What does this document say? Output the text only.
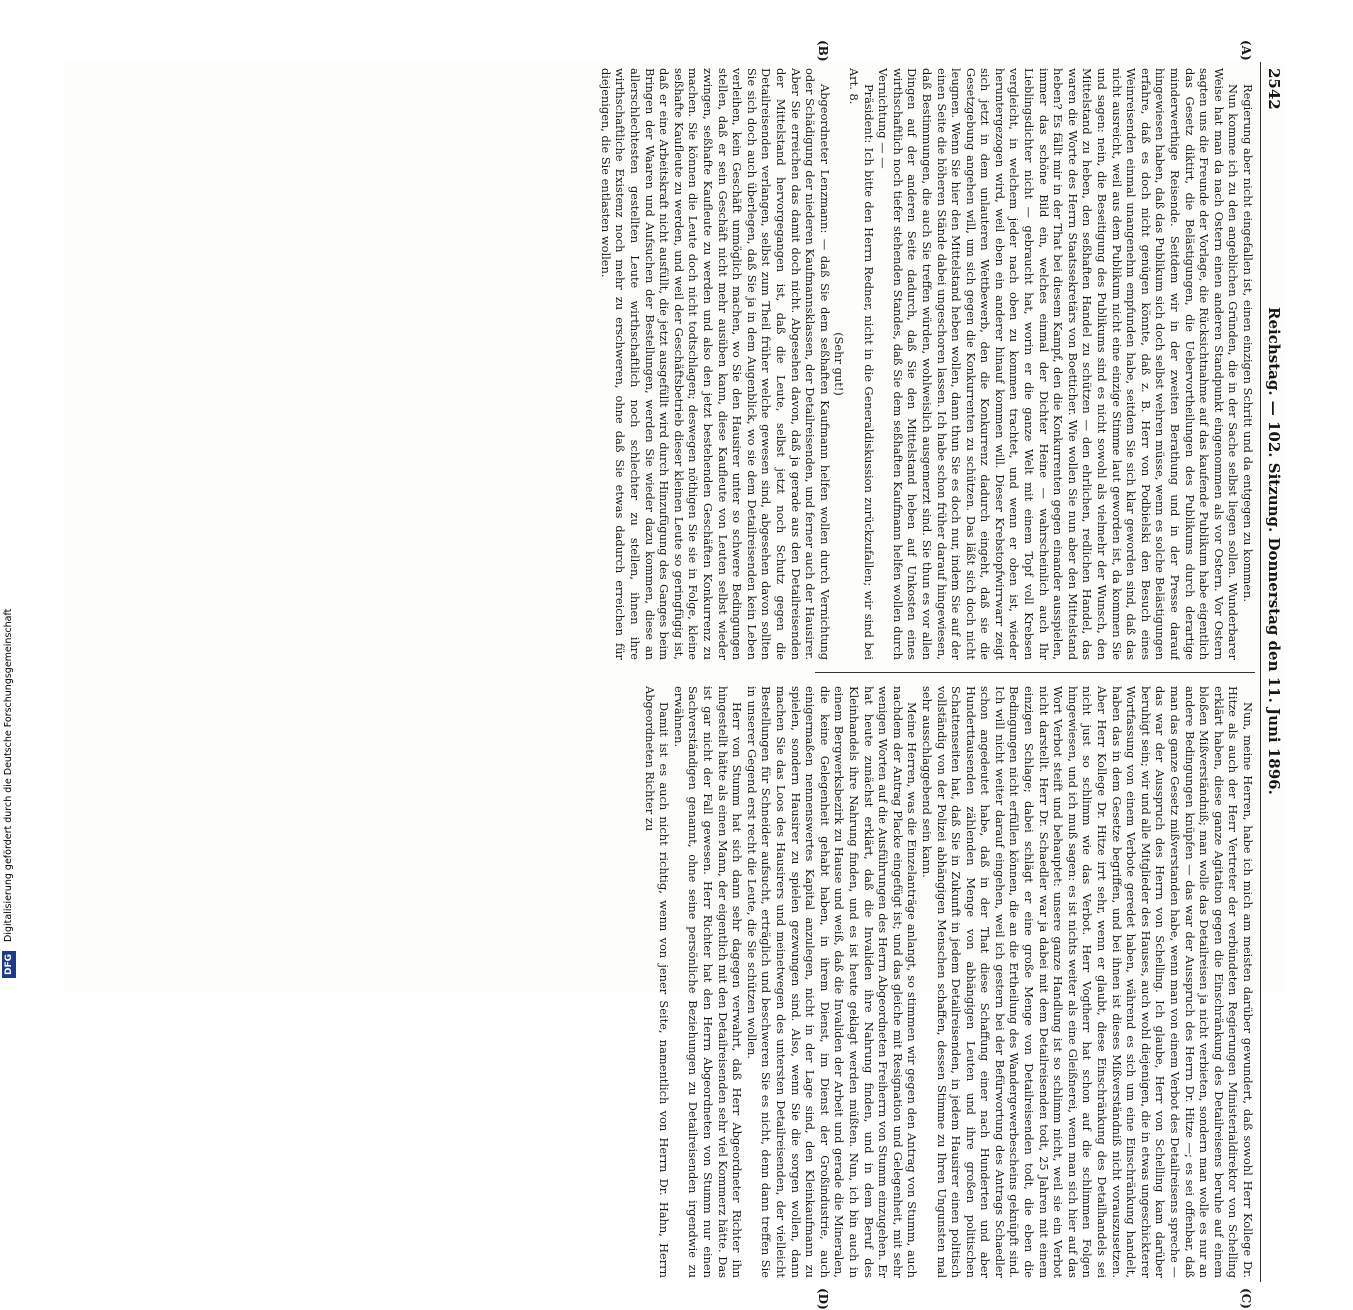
2542
Reichstag. — 102. Sitzung. Donnerstag den 11. Juni 1896.
(A)
(B)
(C)
(D)

Regierung aber nicht eingefallen ist, einen einzigen Schritt und da entgegen zu kommen.

Nun komme ich zu den angeblichen Gründen, die in der Sache selbst liegen sollen. Wunderbarer Weise hat man da nach Ostern einen anderen Standpunkt eingenommen als vor Ostern. Vor Ostern sagten uns die Freunde der Vorlage, die Rücksichtnahme auf das kaufende Publikum habe eigentlich das Gesetz diktirt, die Belästigungen, die Uebervortheilungen des Publikums durch derartige minderwerthige Reisende. Seitdem wir in der zweiten Berathung und in der Presse darauf hingewiesen haben, daß das Publikum sich doch selbst wehren müsse, wenn es solche Belästigungen erfahre, daß es doch nicht genügen könnte, daß z. B. Herr von Podbielski den Besuch eines Weinreisenden einmal unangenehm empfunden habe, seitdem Sie sich klar geworden sind, daß das nicht ausreicht, weil aus dem Publikum nicht eine einzige Stimme laut geworden ist, da kommen Sie und sagen: nein, die Beseitigung des Publikums sind es nicht sowohl als vielmehr der Wunsch, den Mittelstand zu heben, den seßhaften Handel zu schützen — den ehrlichen, redlichen Handel, das waren die Worte des Herrn Staatssekretärs von Boetticher. Wie wollen Sie nun aber den Mittelstand heben? Es fällt mir in der That bei diesem Kampf, den die Konkurrenten gegen einander ausspielen, immer das schöne Bild ein, welches einmal der Dichter Heine — wahrscheinlich auch Ihr Lieblingsdichter nicht — gebraucht hat, worin er die ganze Welt mit einem Topf voll Krebsen vergleicht, in welchem jeder nach oben zu kommen trachtet, und wenn er oben ist, wieder heruntergezogen wird, weil eben ein anderer hinauf kommen will. Dieser Krebstopfwirrwarr zeigt sich jetzt in dem unlauteren Wettbewerb, den die Konkurrenz dadurch eingeht, daß sie die Gesetzgebung angehen will, um sich gegen die Konkurrenten zu schützen. Das läßt sich doch nicht leugnen. Wenn Sie hier den Mittelstand heben wollen, dann thun Sie es doch nur, indem Sie auf der einen Seite die höheren Stände dabei ungeschoren lassen. Ich habe schon früher darauf hingewiesen, daß Bestimmungen, die auch Sie treffen würden, wohlweislich ausgemerzt sind. Sie thun es vor allen Dingen auf der anderen Seite dadurch, daß Sie den Mittelstand heben auf Unkosten eines wirthschaftlich noch tiefer stehenden Standes, daß Sie dem seßhaften Kaufmann helfen wollen durch Vernichtung — —

Präsident: Ich bitte den Herrn Redner, nicht in die Generaldiskussion zurückzufallen; wir sind bei Art. 8.

(Sehr gut!)

Abgeordneter Lenzmann: — daß Sie dem seßhaften Kaufmann helfen wollen durch Vernichtung oder Schädigung der niederen Kaufmannsklassen, der Detailreisenden, und ferner auch der Hausirer. Aber Sie erreichen das damit doch nicht. Abgesehen davon, daß ja gerade aus den Detailreisenden der Mittelstand hervorgegangen ist, daß die Leute, selbst jetzt noch Schutz gegen die Detailreisenden verlangen, selbst zum Theil früher welche gewesen sind, abgesehen davon sollten Sie sich doch auch überlegen, daß Sie ja in dem Augenblick, wo sie dem Detailreisenden kein Leben verleihen, kein Geschäft unmöglich machen, wo Sie den Hausirer unter so schwere Bedingungen stellen, daß er sein Geschäft nicht mehr ausüben kann, diese Kaufleute von Leuten selbst wieder zwingen, seßhafte Kaufleute zu werden und also den jetzt bestehenden Geschäften Konkurrenz zu machen. Sie können die Leute doch nicht todtschlagen; deswegen nöthigen Sie sie in Folge, kleine seßhafte Kaufleute zu werden, und weil der Geschäftsbetrieb dieser kleinen Leute so geringfügig ist, daß er eine Arbeitskraft nicht ausfüllt, die jetzt ausgefüllt wird durch Hinzufügung des Ganges beim Bringen der Waaren und Aufsuchen der Bestellungen, werden Sie wieder dazu kommen, diese an allerschlechtesten gestellten Leute wirthschaftlich noch schlechter zu stellen, ihnen ihre wirthschaftliche Existenz noch mehr zu erschweren, ohne daß Sie etwas dadurch erreichen für diejenigen, die Sie entlasten wollen.

Nun, meine Herren, habe ich mich am meisten darüber gewundert, daß sowohl Herr Kollege Dr. Hitze als auch der Herr Vertreter der verbündeten Regierungen Ministerialdirektor von Schelling erklärt haben, diese ganze Agitation gegen die Einschränkung des Detailreisens beruhe auf einem bloßen Mißverständniß; man wolle das Detailreisen ja nicht verbieten, sondern man wolle es nur an andere Bedingungen knüpfen — das war der Ausspruch des Herrn Dr. Hitze —; es sei offenbar, daß man das ganze Gesetz mißverstanden habe, wenn man von einem Verbot des Detailreisens spreche — das war der Ausspruch des Herrn von Schelling. Ich glaube, Herr von Schelling kam darüber beruhigt sein; wir und alle Mitglieder des Hauses, auch wohl diejenigen, die in etwas ungeschickterer Wortfassung von einem Verbote geredet haben, während es sich um eine Einschränkung handelt, haben das in dem Gesetze begriffen, und bei ihnen ist dieses Mißverständniß nicht vorauszusetzen. Aber Herr Kollege Dr. Hitze irrt sehr, wenn er glaubt, diese Einschränkung des Detailhandels sei nicht just so schlimm wie das Verbot. Herr Vogtherr hat schon auf die schlimmen Folgen hingewiesen, und ich muß sagen: es ist nichts weiter als eine Gleißnerei, wenn man sich hier auf das Wort Verbot steift und behauptet: unsere ganze Handlung ist so schlimm nicht, weil sie ein Verbot nicht darstellt. Herr Dr. Schaedler war ja dabei mit dem Detailreisenden todt, 25 Jahren mit einem einzigen Schlage; dabei schlägt er eine große Menge von Detailreisenden todt, die eben die Bedingungen nicht erfüllen können, die an die Ertheilung des Wandergewerbescheins geknüpft sind. Ich will nicht weiter darauf eingehen, weil ich gestern bei der Befürwortung des Antrags Schaedler schon angedeutet habe, daß in der That diese Schaffung einer nach Hunderten und aber Hunderttausenden zählenden Menge von abhängigen Leuten und ihre großen politischen Schattenseiten hat, daß Sie in Zukunft in jedem Detailreisenden, in jedem Hausirer einen politisch vollständig von der Polizei abhängigen Menschen schaffen, dessen Stimme zu Ihren Ungunsten mal sehr ausschlaggebend sein kann.

Meine Herren, was die Einzelanträge anlangt, so stimmen wir gegen den Antrag von Stumm, auch nachdem der Antrag Placke eingefügt ist; und das gleiche mit Resignation und Gelegenheit, mit sehr wenigen Worten auf die Ausführungen des Herrn Abgeordneten Freiherrn von Stumm einzugehen. Er hat heute zunächst erklärt, daß die Invaliden ihre Nahrung finden, und in dem Beruf des Kleinhandels ihre Nahrung finden, und es ist heute geklagt werden müßten. Nun, ich bin auch in einem Bergwerksbezirk zu Hause und weiß, daß die Invaliden der Arbeit und gerade die Mineralen, die keine Gelegenheit gehabt haben, in ihrem Dienst, im Dienst der Großindustrie, auch einigermaßen nennenswertes Kapital anzulegen, nicht in der Lage sind, den Kleinkaufmann zu spielen, sondern Hausirer zu spielen gezwungen sind. Also, wenn Sie die sorgen wollen, dann machen Sie das Loos des Hausirers und meinetwegen des untersten Detailreisenden, der vielleicht Bestellungen für Schneider aufsucht, erträglich und beschweren Sie es nicht, denn dann treffen Sie in unserer Gegend erst recht die Leute, die Sie schützen wollen.

Herr von Stumm hat sich dann sehr dagegen verwahrt, daß Herr Abgeordneter Richter ihn hingestellt hätte als einen Mann, der eigentlich mit den Detailreisenden sehr viel Kommerz hätte. Das ist gar nicht der Fall gewesen. Herr Richter hat den Herrn Abgeordneten von Stumm nur einen Sachverständigen genannt, ohne seine persönliche Beziehungen zu Detailreisenden irgendwie zu erwähnen.

Damit ist es auch nicht richtig, wenn von jener Seite, namentlich von Herrn Dr. Hahn, Herrn Abgeordneten Richter zu

DFG Digitalisierung gefördert durch die Deutsche Forschungsgemeinschaft
